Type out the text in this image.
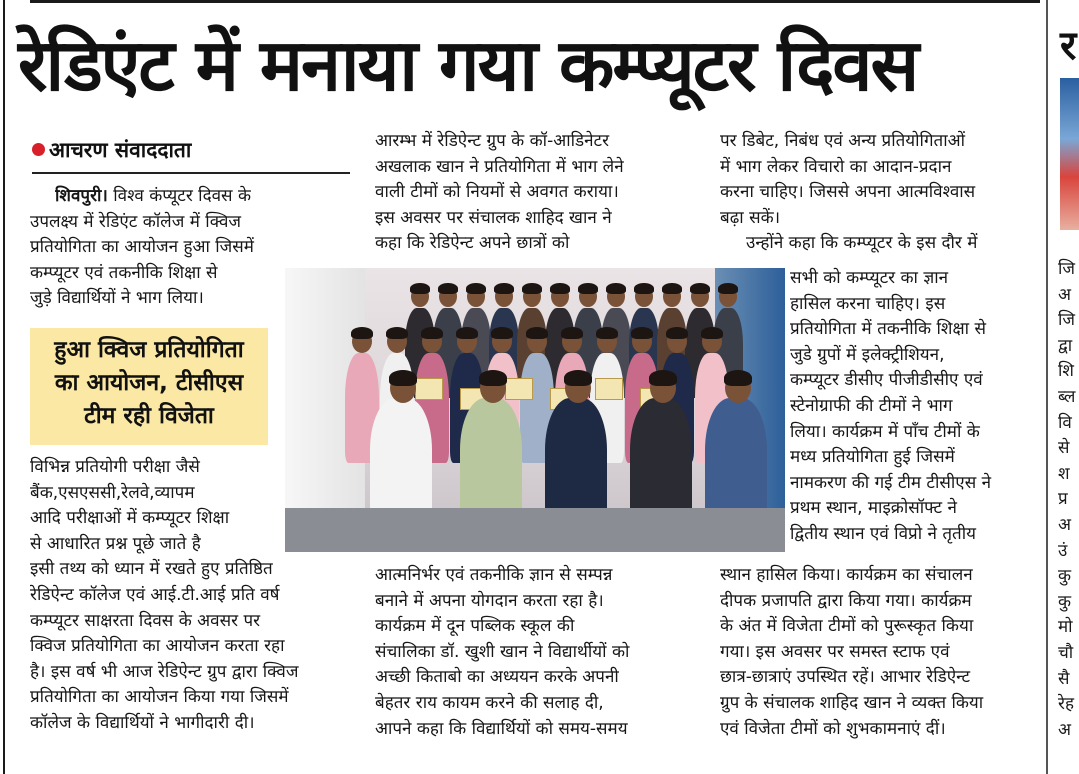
रेडिएंट में मनाया गया कम्प्यूटर दिवस	र
जि
अ
जि
द्वा
शि
ब्ल
वि
से
श
प्र
अ
उं
कु
कु
मो
चौ
सै
रेह
अ
आचरण संवाददाता
शिवपुरी। विश्व कंप्यूटर दिवस के
उपलक्ष्य में रेडिएंट कॉलेज में क्विज
प्रतियोगिता का आयोजन हुआ जिसमें
कम्प्यूटर एवं तकनीकि शिक्षा से
जुड़े विद्यार्थियों ने भाग लिया।
हुआ क्विज प्रतियोगिता
का आयोजन, टीसीएस
टीम रही विजेता
विभिन्न प्रतियोगी परीक्षा जैसे
बैंक,एसएससी,रेलवे,व्यापम
आदि परीक्षाओं में कम्प्यूटर शिक्षा
से आधारित प्रश्न पूछे जाते है
इसी तथ्य को ध्यान में रखते हुए प्रतिष्ठित
रेडिऐन्ट कॉलेज एवं आई.टी.आई प्रति वर्ष
कम्प्यूटर साक्षरता दिवस के अवसर पर
क्विज प्रतियोगिता का आयोजन करता रहा
है। इस वर्ष भी आज रेडिऐन्ट ग्रुप द्वारा क्विज
प्रतियोगिता का आयोजन किया गया जिसमें
कॉलेज के विद्यार्थियों ने भागीदारी दी।
आरम्भ में रेडिऐन्ट ग्रुप के कॉ-आडिनेटर
अखलाक खान ने प्रतियोगिता में भाग लेने
वाली टीमों को नियमों से अवगत कराया।
इस अवसर पर संचालक शाहिद खान ने
कहा कि रेडिऐन्ट अपने छात्रों को
आत्मनिर्भर एवं तकनीकि ज्ञान से सम्पन्न
बनाने में अपना योगदान करता रहा है।
कार्यक्रम में दून पब्लिक स्कूल की
संचालिका डॉ. खुशी खान ने विद्यार्थीयों को
अच्छी किताबो का अध्ययन करके अपनी
बेहतर राय कायम करने की सलाह दी,
आपने कहा कि विद्यार्थियों को समय-समय
पर डिबेट, निबंध एवं अन्य प्रतियोगिताओं
में भाग लेकर विचारो का आदान-प्रदान
करना चाहिए। जिससे अपना आत्मविश्वास
बढ़ा सकें।
उन्होंने कहा कि कम्प्यूटर के इस दौर में
सभी को कम्प्यूटर का ज्ञान
हासिल करना चाहिए। इस
प्रतियोगिता में तकनीकि शिक्षा से
जुडे ग्रुपों में इलेक्ट्रीशियन,
कम्प्यूटर डीसीए पीजीडीसीए एवं
स्टेनोग्राफी की टीमों ने भाग
लिया। कार्यक्रम में पाँच टीमों के
मध्य प्रतियोगिता हुई जिसमें
नामकरण की गई टीम टीसीएस ने
प्रथम स्थान, माइक्रोसॉफ्ट ने
द्वितीय स्थान एवं विप्रो ने तृतीय
स्थान हासिल किया। कार्यक्रम का संचालन
दीपक प्रजापति द्वारा किया गया। कार्यक्रम
के अंत में विजेता टीमों को पुरूस्कृत किया
गया। इस अवसर पर समस्त स्टाफ एवं
छात्र-छात्राएं उपस्थित रहें। आभार रेडिऐन्ट
ग्रुप के संचालक शाहिद खान ने व्यक्त किया
एवं विजेता टीमों को शुभकामनाएं दीं।
